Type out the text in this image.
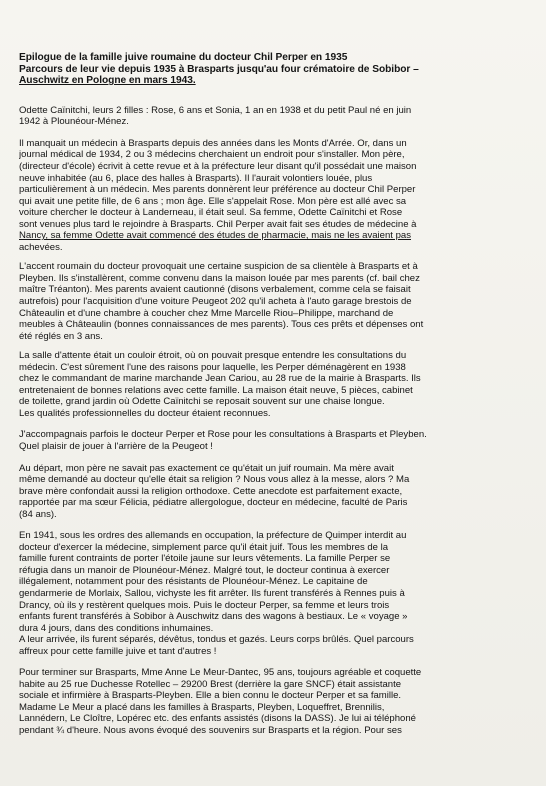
Epilogue de la famille juive roumaine du docteur Chil Perper en 1935
Parcours de leur vie depuis 1935 à Brasparts jusqu'au four crématoire de Sobibor –
Auschwitz en Pologne en mars 1943.
Odette Caïnitchi, leurs 2 filles : Rose, 6 ans et Sonia, 1 an en 1938 et du petit Paul né en juin
1942 à Plounéour-Ménez.
Il manquait un médecin à Brasparts depuis des années dans les Monts d'Arrée. Or, dans un
journal médical de 1934, 2 ou 3 médecins cherchaient un endroit pour s'installer. Mon père,
(directeur d'école) écrivit à cette revue et à la préfecture leur disant qu'il possédait une maison
neuve inhabitée (au 6, place des halles à Brasparts). Il l'aurait volontiers louée, plus
particulièrement à un médecin. Mes parents donnèrent leur préférence au docteur Chil Perper
qui avait une petite fille, de 6 ans ; mon âge. Elle s'appelait Rose. Mon père est allé avec sa
voiture chercher le docteur à Landerneau, il était seul. Sa femme, Odette Caïnitchi et Rose
sont venues plus tard le rejoindre à Brasparts. Chil Perper avait fait ses études de médecine à
Nancy, sa femme Odette avait commencé des études de pharmacie, mais ne les avaient pas
achevées.
L'accent roumain du docteur provoquait une certaine suspicion de sa clientèle à Brasparts et à
Pleyben. Ils s'installèrent, comme convenu dans la maison louée par mes parents (cf. bail chez
maître Tréanton). Mes parents avaient cautionné (disons verbalement, comme cela se faisait
autrefois) pour l'acquisition d'une voiture Peugeot 202 qu'il acheta à l'auto garage brestois de
Châteaulin et d'une chambre à coucher chez Mme Marcelle Riou–Philippe, marchand de
meubles à Châteaulin (bonnes connaissances de mes parents). Tous ces prêts et dépenses ont
été réglés en 3 ans.
La salle d'attente était un couloir étroit, où on pouvait presque entendre les consultations du
médecin. C'est sûrement l'une des raisons pour laquelle, les Perper déménagèrent en 1938
chez le commandant de marine marchande Jean Cariou, au 28 rue de la mairie à Brasparts. Ils
entretenaient de bonnes relations avec cette famille. La maison était neuve, 5 pièces, cabinet
de toilette, grand jardin où Odette Caïnitchi se reposait souvent sur une chaise longue.
Les qualités professionnelles du docteur étaient reconnues.
J'accompagnais parfois le docteur Perper et Rose pour les consultations à Brasparts et Pleyben.
Quel plaisir de jouer à l'arrière de la Peugeot !
Au départ, mon père ne savait pas exactement ce qu'était un juif roumain. Ma mère avait
même demandé au docteur qu'elle était sa religion ? Nous vous allez à la messe, alors ? Ma
brave mère confondait aussi la religion orthodoxe. Cette anecdote est parfaitement exacte,
rapportée par ma sœur Félicia, pédiatre allergologue, docteur en médecine, faculté de Paris
(84 ans).
En 1941, sous les ordres des allemands en occupation, la préfecture de Quimper interdit au
docteur d'exercer la médecine, simplement parce qu'il était juif. Tous les membres de la
famille furent contraints de porter l'étoile jaune sur leurs vêtements. La famille Perper se
réfugia dans un manoir de Plounéour-Ménez. Malgré tout, le docteur continua à exercer
illégalement, notamment pour des résistants de Plounéour-Ménez. Le capitaine de
gendarmerie de Morlaix, Sallou, vichyste les fit arrêter. Ils furent transférés à Rennes puis à
Drancy, où ils y restèrent quelques mois. Puis le docteur Perper, sa femme et leurs trois
enfants furent transférés à Sobibor à Auschwitz dans des wagons à bestiaux. Le « voyage »
dura 4 jours, dans des conditions inhumaines.
A leur arrivée, ils furent séparés, dévêtus, tondus et gazés. Leurs corps brûlés. Quel parcours
affreux pour cette famille juive et tant d'autres !
Pour terminer sur Brasparts, Mme Anne Le Meur-Dantec, 95 ans, toujours agréable et coquette
habite au 25 rue Duchesse Rotellec – 29200 Brest (derrière la gare SNCF) était assistante
sociale et infirmière à Brasparts-Pleyben. Elle a bien connu le docteur Perper et sa famille.
Madame Le Meur a placé dans les familles à Brasparts, Pleyben, Loqueffret, Brennilis,
Lannédern, Le Cloître, Lopérec etc. des enfants assistés (disons la DASS). Je lui ai téléphoné
pendant ¾ d'heure. Nous avons évoqué des souvenirs sur Brasparts et la région. Pour ses
